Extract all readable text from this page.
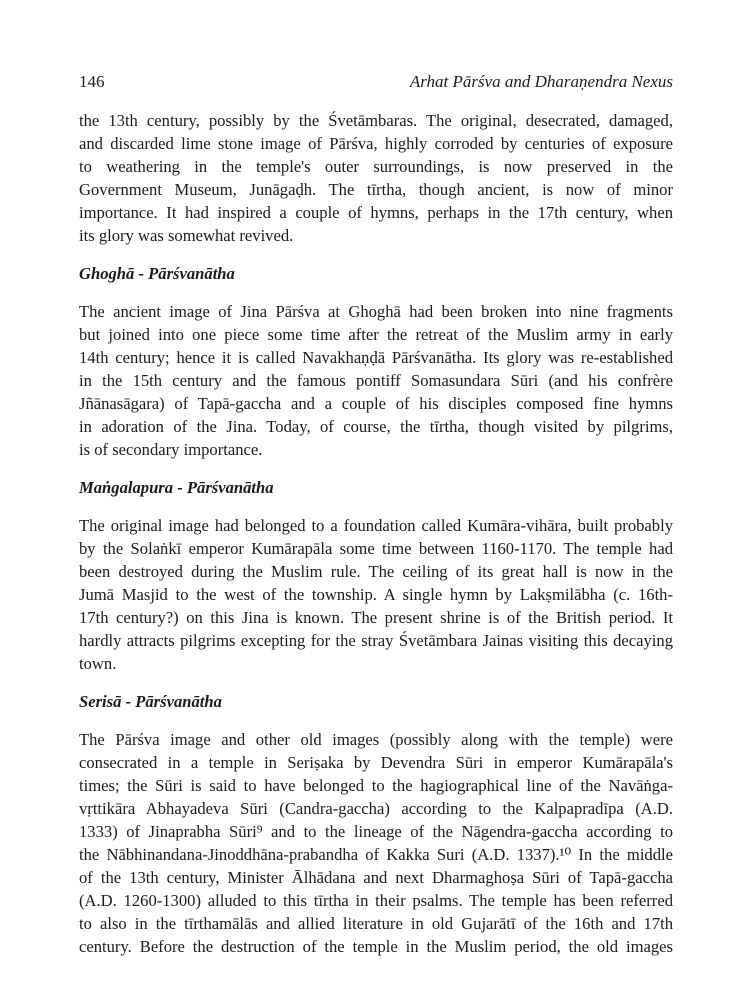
146	Arhat Pārśva and Dharaṇendra Nexus
the 13th century, possibly by the Śvetāmbaras. The original, desecrated, damaged,
and discarded lime stone image of Pārśva, highly corroded by centuries of exposure
to weathering in the temple's outer surroundings, is now preserved in the
Government Museum, Junāgaḍh. The tīrtha, though ancient, is now of minor
importance. It had inspired a couple of hymns, perhaps in the 17th century, when
its glory was somewhat revived.
Ghoghā - Pārśvanātha
The ancient image of Jina Pārśva at Ghoghā had been broken into nine fragments
but joined into one piece some time after the retreat of the Muslim army in early
14th century; hence it is called Navakhaṇḍā Pārśvanātha. Its glory was re-established
in the 15th century and the famous pontiff Somasundara Sūri (and his confrère
Jñānasāgara) of Tapā-gaccha and a couple of his disciples composed fine hymns
in adoration of the Jina. Today, of course, the tīrtha, though visited by pilgrims,
is of secondary importance.
Maṅgalapura - Pārśvanātha
The original image had belonged to a foundation called Kumāra-vihāra, built probably
by the Solaṅkī emperor Kumārapāla some time between 1160-1170. The temple had
been destroyed during the Muslim rule. The ceiling of its great hall is now in the
Jumā Masjid to the west of the township. A single hymn by Lakṣmilābha (c. 16th-
17th century?) on this Jina is known. The present shrine is of the British period. It
hardly attracts pilgrims excepting for the stray Śvetāmbara Jainas visiting this decaying
town.
Serisā - Pārśvanātha
The Pārśva image and other old images (possibly along with the temple) were
consecrated in a temple in Seriṣaka by Devendra Sūri in emperor Kumārapāla's
times; the Sūri is said to have belonged to the hagiographical line of the Navāṅga-
vṛttikāra Abhayadeva Sūri (Candra-gaccha) according to the Kalpapradīpa (A.D.
1333) of Jinaprabha Sūri⁹ and to the lineage of the Nāgendra-gaccha according to
the Nābhinandana-Jinoddhāna-prabandha of Kakka Suri (A.D. 1337).¹⁰ In the middle
of the 13th century, Minister Ālhādana and next Dharmaghoṣa Sūri of Tapā-gaccha
(A.D. 1260-1300) alluded to this tīrtha in their psalms. The temple has been referred
to also in the tīrthamālās and allied literature in old Gujarātī of the 16th and 17th
century. Before the destruction of the temple in the Muslim period, the old images
